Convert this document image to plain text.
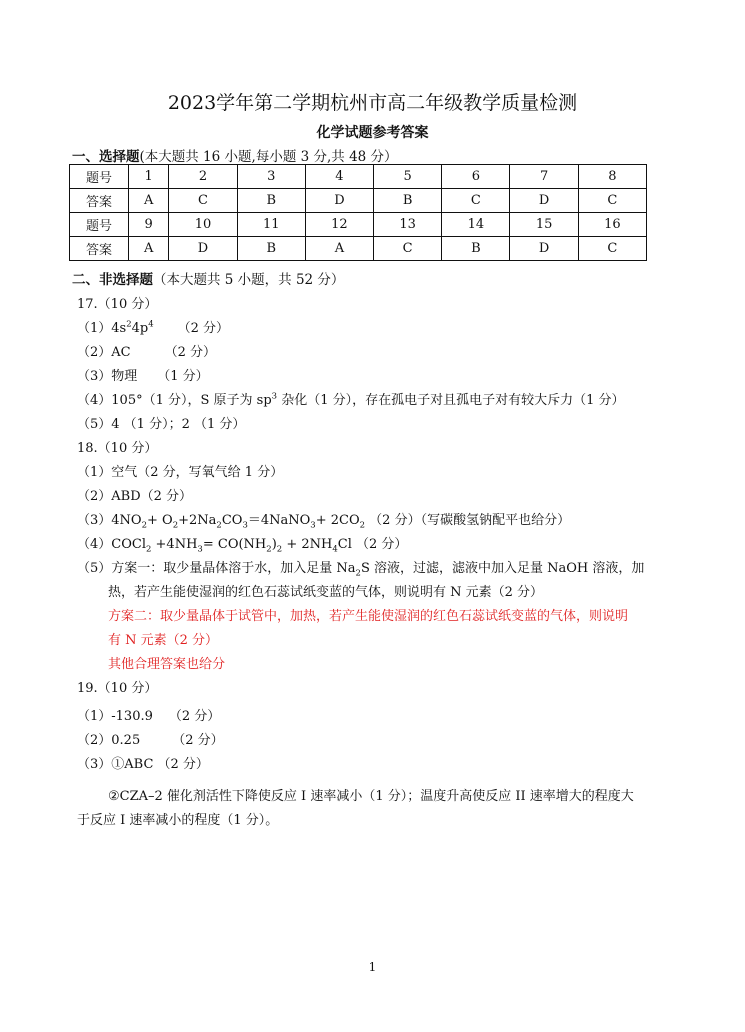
2023学年第二学期杭州市高二年级教学质量检测
化学试题参考答案
一、选择题(本大题共 16 小题,每小题 3 分,共 48 分）
题号	1	2	3	4	5	6	7	8
答案	A	C	B	D	B	C	D	C
题号	9	10	11	12	13	14	15	16
答案	A	D	B	A	C	B	D	C
二、非选择题（本大题共 5 小题，共 52 分）
17.（10 分）
$(1)4s^24p^4$ （2 分）
（2）AC	（2 分）
（3）物理 （1 分）
（4）105°（1 分），S 原子为 $sp^3$ 杂化（1 分），存在孤电子对且孤电子对有较大斥力（1 分）
（5）4 （1 分）；2 （1 分）
18.（10 分）
（1）空气（2 分，写氧气给 1 分）
（2）ABD（2 分）
$(3)4NO_2+$ $O_2+2Na_2CO_3=4NaNO_3+ 2CO_2$ （2 分）（写碳酸氢钠配平也给分）
（4）COCl$_2$ $+4NH_3= CO(NH_2)_2 + 2NH_4Cl$ （2 分）
（5）方案一：取少量晶体溶于水，加入足量 $Na_2S$ 溶液，过滤，滤液中加入足量 NaOH 溶液，加
热，若产生能使湿润的红色石蕊试纸变蓝的气体，则说明有 N 元素（2 分）
方案二：取少量晶体于试管中，加热，若产生能使湿润的红色石蕊试纸变蓝的气体，则说明
有 N 元素（2 分）
其他合理答案也给分
19.（10 分）
（1）-130.9 （2 分）
（2）0.25 （2 分）
（3）①ABC （2 分）
②CZA–2 催化剂活性下降使反应 I 速率减小（1 分）；温度升高使反应 II 速率增大的程度大
于反应 I 速率减小的程度（1 分）。
1
